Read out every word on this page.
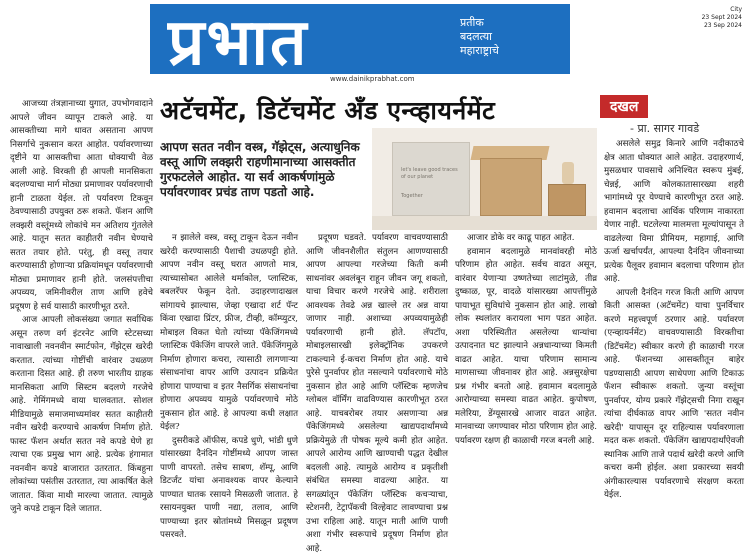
प्रभात	प्रतीक
बदलत्या
महाराष्ट्राचे
www.dainikprabhat.com
City
23 Sept 2024
23 Sep 2024
अटॅचमेंट, डिटॅचमेंट अँड एन्व्हायर्नमेंट	दखल
- प्रा. सागर गावडे

आजच्या तंत्रज्ञानाच्या युगात, उपभोगवादाने आपले जीवन व्यापून टाकले आहे. या आसक्तीच्या मागे धावत असताना आपण निसर्गाचे नुकसान करत आहोत. पर्यावरणाच्या दृष्टीने या आसक्तीचा आता धोक्याची वेळ आली आहे. विरक्ती ही आपली मानसिकता बदलण्याचा मार्ग मोठ्या प्रमाणावर पर्यावरणाची हानी टाळता येईल. तो पर्यावरण टिकवून ठेवण्यासाठी उपयुक्त ठरू शकते. फॅशन आणि लक्झरी वस्तूंमध्ये लोकांचे मन अतिशय गुंतलेले आहे. यातून सतत काहीतरी नवीन घेण्याचे सतत तयार होते. परंतु, ही वस्तू तयार करण्यासाठी होणाऱ्या प्रक्रियांमधून पर्यावरणाची मोठ्या प्रमाणावर हानी होते. जलसंपत्तीचा अपव्यय, जमिनीवरील ताण आणि हवेचे प्रदूषण हे सर्व यासाठी कारणीभूत ठरते.

आज आपली लोकसंख्या जगात सर्वाधिक असून तरुण वर्ग इंटरनेट आणि स्टेटसच्या नावाखाली नवनवीन स्मार्टफोन, गॅझेट्स खरेदी करतात. त्यांच्या गोष्टींची वारंवार उधळण करताना दिसत आहे. ही तरुण भारतीय ग्राहक मानसिकता आणि सिस्टम बदलणे गरजेचे आहे. गेमिंगमध्ये वाया घालवतात. सोशल मीडियामुळे समाजमाध्यमांवर सतत काहीतरी नवीन खरेदी करण्याचे आकर्षण निर्माण होते. फास्ट फॅशन अर्थात सतत नवे कपडे घेणे हा त्याचा एक प्रमुख भाग आहे. प्रत्येक हंगामात नवनवीन कपडे बाजारात उतरतात. किंबहुना लोकांच्या पसंतीस उतरतात, त्या आकर्षित केले जातात. किंवा माथी मारल्या जातात. त्यामुळे जुने कपडे टाकून दिले जातात.

आपण सतत नवीन वस्त्र, गॅझेट्स, अत्याधुनिक वस्तू आणि लक्झरी राहणीमानाच्या आसक्तीत गुरफटलेले आहोत. या सर्व आकर्षणांमुळे पर्यावरणावर प्रचंड ताण पडतो आहे.
let's leave good traces of our planet
Together

न झालेले वस्त्र, वस्तू टाकून देऊन नवीन खरेदी करण्यासाठी पैशाची उधळपट्टी होते. आपण नवीन वस्तू घरात आणतो मात्र, त्याच्यासोबत आलेले थर्माकोल, प्लास्टिक, बबलरॅपर फेकून देतो. उदाहरणादाखल सांगायचे झाल्यास, जेव्हा एखादा शर्ट पॅन्ट किंवा एखादा प्रिंटर, फ्रीज, टीव्ही, कॉम्प्युटर, मोबाइल विकत घेतो त्यांच्या पॅकेजिंगमध्ये प्लास्टिक पॅकेजिंग वापरले जाते. पॅकेजिंगमुळे निर्माण होणारा कचरा, त्यासाठी लागणाऱ्या संसाधनांचा वापर आणि उत्पादन प्रक्रियेत होणारा पाण्याचा व इतर नैसर्गिक संसाधनांचा होणारा अपव्यय यामुळे पर्यावरणाचे मोठे नुकसान होत आहे. हे आपल्या कधी लक्षात येईल?

दुसरीकडे ऑफीस, कपडे धुणे, भांडी धुणे यांसारख्या दैनंदिन गोष्टींमध्ये आपण जास्त पाणी वापरतो. तसेच साबण, शॅम्पू, आणि डिटर्जंट यांचा अनावश्यक वापर केल्याने पाण्यात घातक रसायने मिसळली जातात. हे रसायनयुक्त पाणी नद्या, तलाव, आणि पाण्याच्या इतर स्रोतांमध्ये मिसळून प्रदूषण पसरवते.

प्रदूषण घडवते. पर्यावरण वाचवण्यासाठी आणि जीवनशैलीत संतुलन आणण्यासाठी आपण आपल्या गरजेच्या किती कमी साधनांवर अवलंबून राहून जीवन जगू शकतो, याचा विचार करणे गरजेचे आहे. शरीराला आवश्यक तेवढे अन्न खाल्ले तर अन्न वाया जाणार नाही. अशाच्या अपव्ययामुळेही पर्यावरणाची हानी होते. लॅपटॉप, मोबाइलसारखी इलेक्ट्रॉनिक उपकरणे टाकल्याने ई-कचरा निर्माण होत आहे. याचे पुरेसे पुनर्वापर होत नसल्याने पर्यावरणाचे मोठे नुकसान होत आहे आणि प्लॅस्टिक म्हणजेच ग्लोबल वॉर्मिंग वाढविण्यास कारणीभूत ठरत आहे. याचबरोबर तयार असणाऱ्या अन्न पॅकेजिंगमध्ये असलेल्या खाद्यपदार्थांमध्ये प्रक्रियेमुळे ती पोषक मूल्ये कमी होत आहेत. आपले आरोग्य आणि खाण्याची पद्धत देखील बदलली आहे. त्यामुळे आरोग्य व प्रकृतीशी संबंधित समस्या वाढल्या आहेत. या सगळ्यांतून पॅकेजिंग प्लॅस्टिक कचऱ्याचा, स्टेशनरी, टेट्रापॅकची विल्हेवाट लावण्याचा प्रश्न उभा राहिला आहे. यातून माती आणि पाणी अशा गंभीर स्वरूपाचे प्रदूषण निर्माण होत आहे.

आजार डोके वर काढू पाहत आहेत.

हवामान बदलामुळे मानवांवरही मोठे परिणाम होत आहेत. सर्वच वाढत असून, वारंवार येणाऱ्या उष्णतेच्या लाटांमुळे, तीव्र दुष्काळ, पूर, वादळे यांसारख्या आपत्तींमुळे पायाभूत सुविधांचे नुकसान होत आहे. लाखो लोक स्थलांतर करायला भाग पडत आहेत. अशा परिस्थितीत असलेल्या धान्यांचा उत्पादनात घट झाल्याने अन्नधान्याच्या किमती वाढत आहेत. याचा परिणाम सामान्य माणसाच्या जीवनावर होत आहे. अन्नसुरक्षेचा प्रश्न गंभीर बनतो आहे. हवामान बदलामुळे आरोग्याच्या समस्या वाढत आहेत. कुपोषण, मलेरिया, डेंग्यूसारखे आजार वाढत आहेत. मानवाच्या जगण्यावर मोठा परिणाम होत आहे. पर्यावरण रक्षण ही काळाची गरज बनली आहे.

असलेले समुद्र किनारे आणि नदीकाठचे क्षेत्र आता धोक्यात आले आहेत. उदाहरणार्थ, मुसळधार पावसाचे अनिश्चित स्वरूप मुंबई, चेन्नई, आणि कोलकातासारख्या शहरी भागांमध्ये पूर येण्याचे कारणीभूत ठरत आहे. हवामान बदलाचा आर्थिक परिणाम नाकारता येणार नाही. घटलेल्या मालमत्ता मूल्यांपासून ते वाढलेल्या विमा प्रीमियम, महागाई, आणि ऊर्जा खर्चापर्यंत, आपल्या दैनंदिन जीवनाच्या प्रत्येक पैलूवर हवामान बदलाचा परिणाम होत आहे.

आपली दैनंदिन गरज किती आणि आपण किती आसक्त (अटॅचमेंट) याचा पुनर्विचार करणे महत्त्वपूर्ण ठरणार आहे. पर्यावरण (एन्व्हायर्नमेंट) वाचवण्यासाठी विरक्तीचा (डिटॅचमेंट) स्वीकार करणे ही काळाची गरज आहे. फॅशनच्या आसक्तीतून बाहेर पडण्यासाठी आपण साधेपणा आणि टिकाऊ फॅशन स्वीकारू शकतो. जुन्या वस्तूंचा पुनर्वापर, योग्य प्रकारे गॅझेट्सची निगा राखून त्यांचा दीर्घकाळ वापर आणि 'सतत नवीन खरेदी' यापासून दूर राहिल्यास पर्यावरणाला मदत करू शकतो. पॅकेजिंग खाद्यपदार्थांऐवजी स्थानिक आणि ताजे पदार्थ खरेदी करणे आणि कचरा कमी होईल. अशा प्रकारच्या सवयी अंगीकारल्यास पर्यावरणाचे संरक्षण करता येईल.
